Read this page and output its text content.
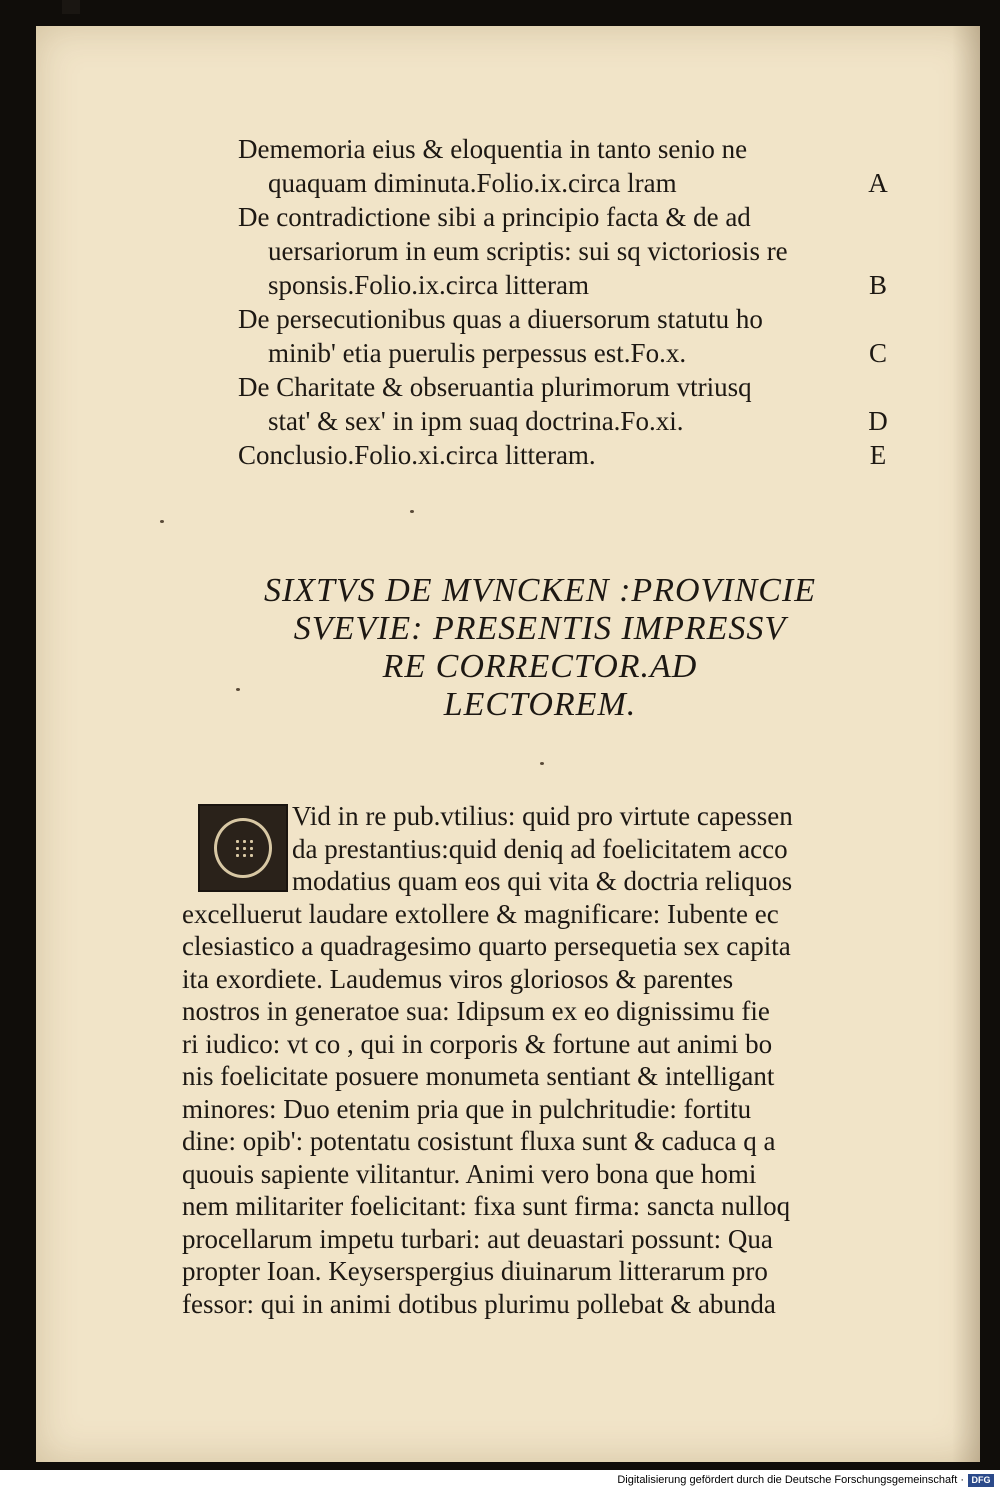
Dememoria eius & eloquentia in tanto senio ne
quaquam diminuta.Folio.ix.circa lram	A
De contradictione sibi a principio facta & de ad
uersariorum in eum scriptis: sui sq victoriosis re
sponsis.Folio.ix.circa litteram	B
De persecutionibus quas a diuersorum statutu ho
minib' etia puerulis perpessus est.Fo.x.	C
De Charitate & obseruantia plurimorum vtriusq
stat' & sex' in ipm suaq doctrina.Fo.xi.	D
Conclusio.Folio.xi.circa litteram.	E
SIXTVS DE MVNCKEN :PROVINCIE
SVEVIE: PRESENTIS IMPRESSV
RE CORRECTOR.AD
LECTOREM.
Vid in re pub.vtilius: quid pro virtute capessen
da prestantius:quid deniq ad foelicitatem acco
modatius quam eos qui vita & doctria reliquos
excelluerut laudare extollere & magnificare: Iubente ec
clesiastico a quadragesimo quarto persequetia sex capita
ita exordiete. Laudemus viros gloriosos & parentes
nostros in generatoe sua: Idipsum ex eo dignissimu fie
ri iudico: vt co , qui in corporis & fortune aut animi bo
nis foelicitate posuere monumeta sentiant & intelligant
minores: Duo etenim pria que in pulchritudie: fortitu
dine: opib': potentatu cosistunt fluxa sunt & caduca q a
quouis sapiente vilitantur. Animi vero bona que homi
nem militariter foelicitant: fixa sunt firma: sancta nulloq
procellarum impetu turbari: aut deuastari possunt: Qua
propter Ioan. Keyserspergius diuinarum litterarum pro
fessor: qui in animi dotibus plurimu pollebat & abunda
Digitalisierung gefördert durch die Deutsche Forschungsgemeinschaft · DFG
